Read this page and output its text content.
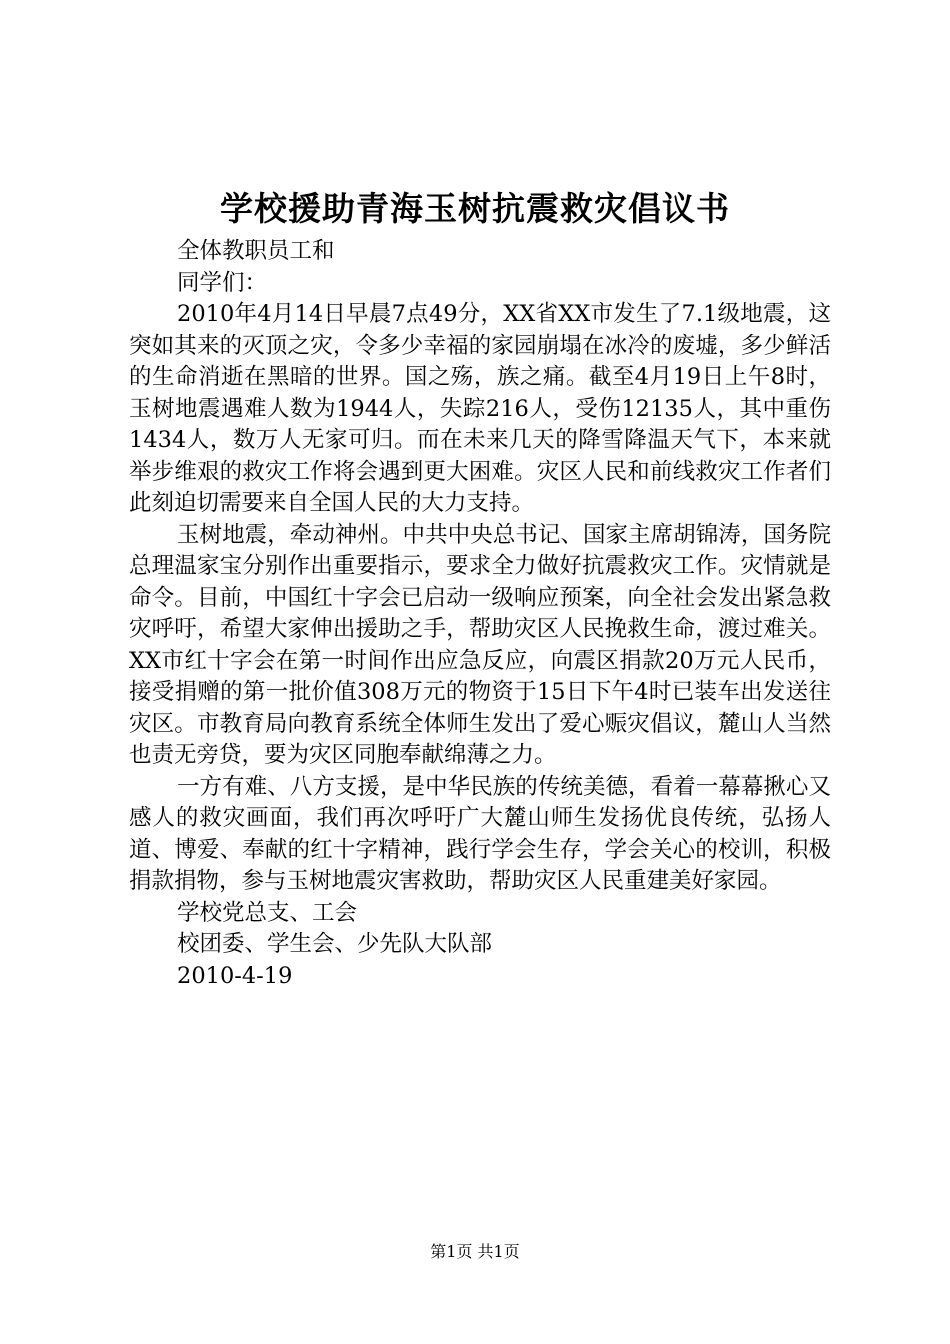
学校援助青海玉树抗震救灾倡议书

全体教职员工和

同学们：

2010年4月14日早晨7点49分，XX省XX市发生了7.1级地震，这突如其来的灭顶之灾，令多少幸福的家园崩塌在冰冷的废墟，多少鲜活的生命消逝在黑暗的世界。国之殇，族之痛。截至4月19日上午8时，玉树地震遇难人数为1944人，失踪216人，受伤12135人，其中重伤1434人，数万人无家可归。而在未来几天的降雪降温天气下，本来就举步维艰的救灾工作将会遇到更大困难。灾区人民和前线救灾工作者们此刻迫切需要来自全国人民的大力支持。

玉树地震，牵动神州。中共中央总书记、国家主席胡锦涛，国务院总理温家宝分别作出重要指示，要求全力做好抗震救灾工作。灾情就是命令。目前，中国红十字会已启动一级响应预案，向全社会发出紧急救灾呼吁，希望大家伸出援助之手，帮助灾区人民挽救生命，渡过难关。XX市红十字会在第一时间作出应急反应，向震区捐款20万元人民币，接受捐赠的第一批价值308万元的物资于15日下午4时已装车出发送往灾区。市教育局向教育系统全体师生发出了爱心赈灾倡议，麓山人当然也责无旁贷，要为灾区同胞奉献绵薄之力。

一方有难、八方支援，是中华民族的传统美德，看着一幕幕揪心又感人的救灾画面，我们再次呼吁广大麓山师生发扬优良传统，弘扬人道、博爱、奉献的红十字精神，践行学会生存，学会关心的校训，积极捐款捐物，参与玉树地震灾害救助，帮助灾区人民重建美好家园。

学校党总支、工会

校团委、学生会、少先队大队部

2010-4-19

第1页 共1页
